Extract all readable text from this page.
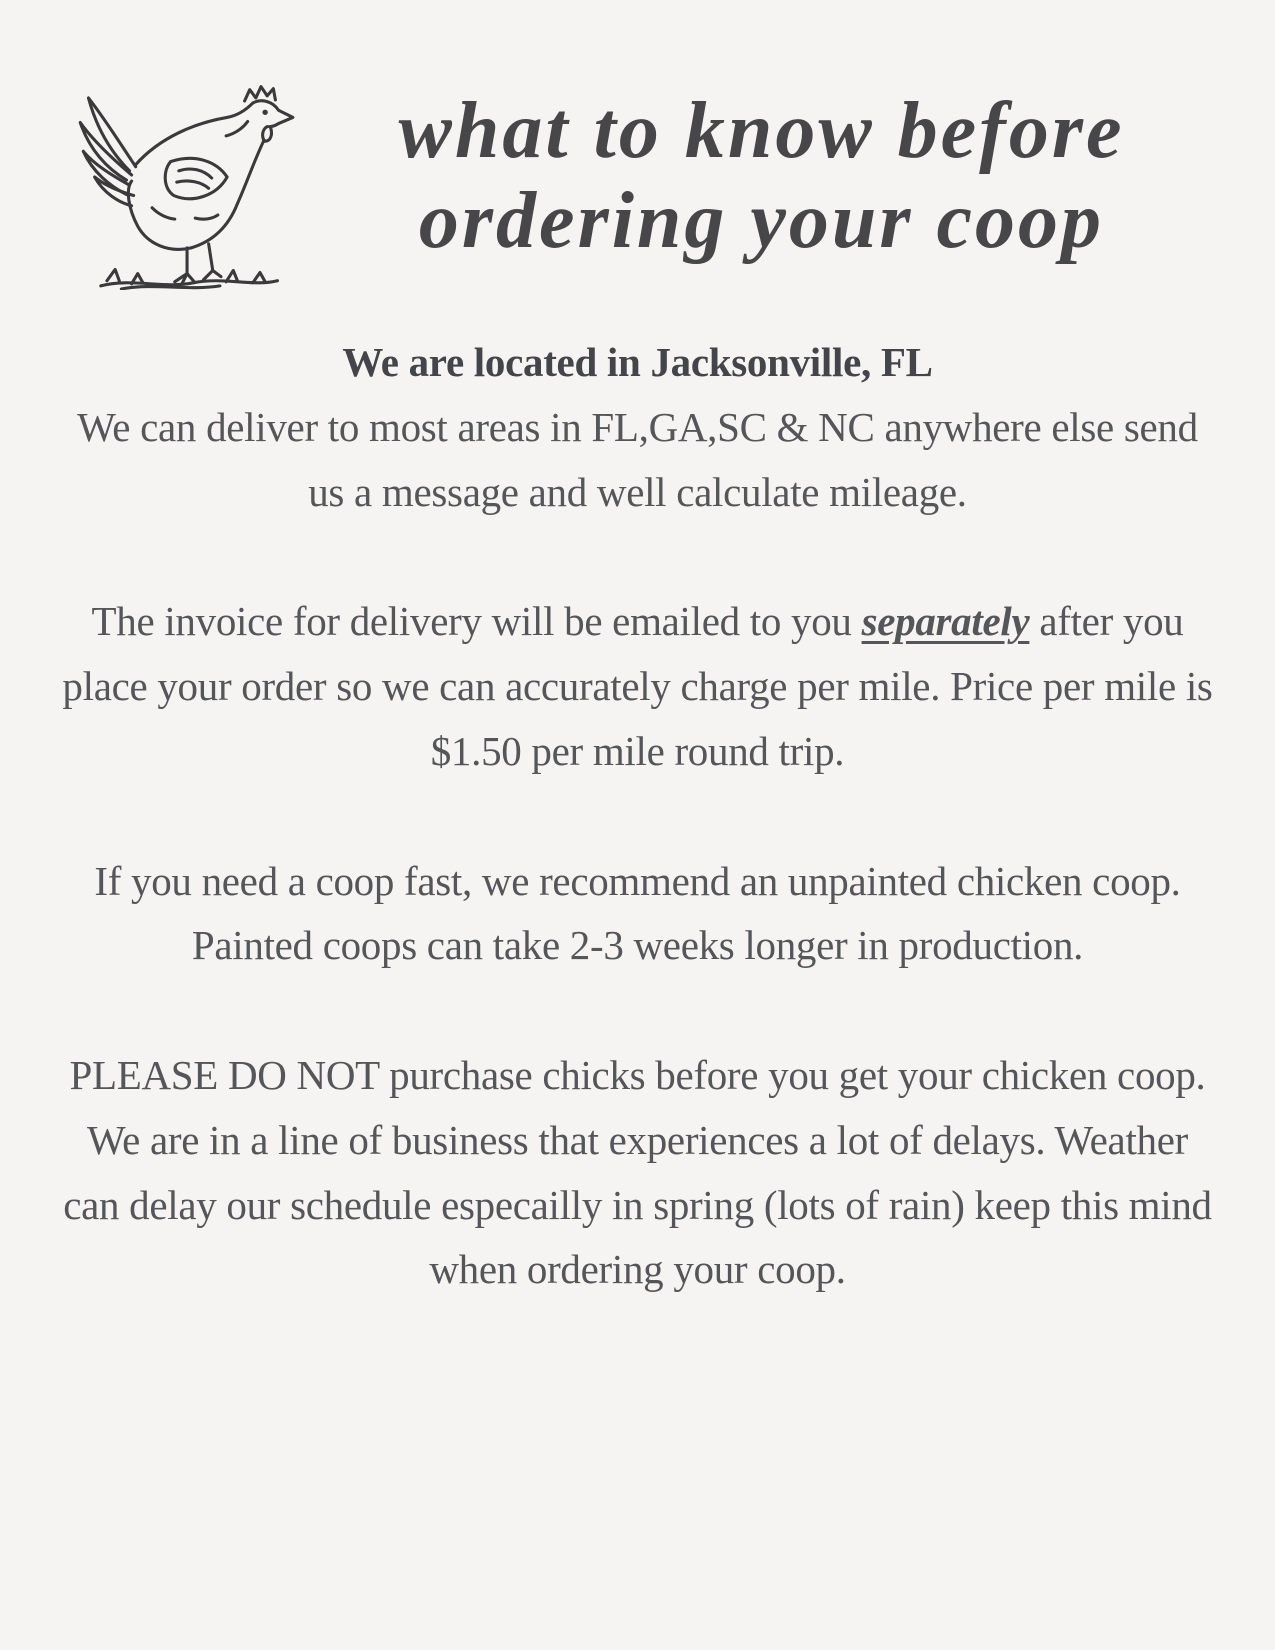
what to know before
ordering your coop

We are located in Jacksonville, FL
We can deliver to most areas in FL,GA,SC & NC anywhere else send us a message and well calculate mileage.

The invoice for delivery will be emailed to you separately after you place your order so we can accurately charge per mile. Price per mile is $1.50 per mile round trip.

If you need a coop fast, we recommend an unpainted chicken coop. Painted coops can take 2-3 weeks longer in production.

PLEASE DO NOT purchase chicks before you get your chicken coop. We are in a line of business that experiences a lot of delays. Weather can delay our schedule especailly in spring (lots of rain) keep this mind when ordering your coop.
